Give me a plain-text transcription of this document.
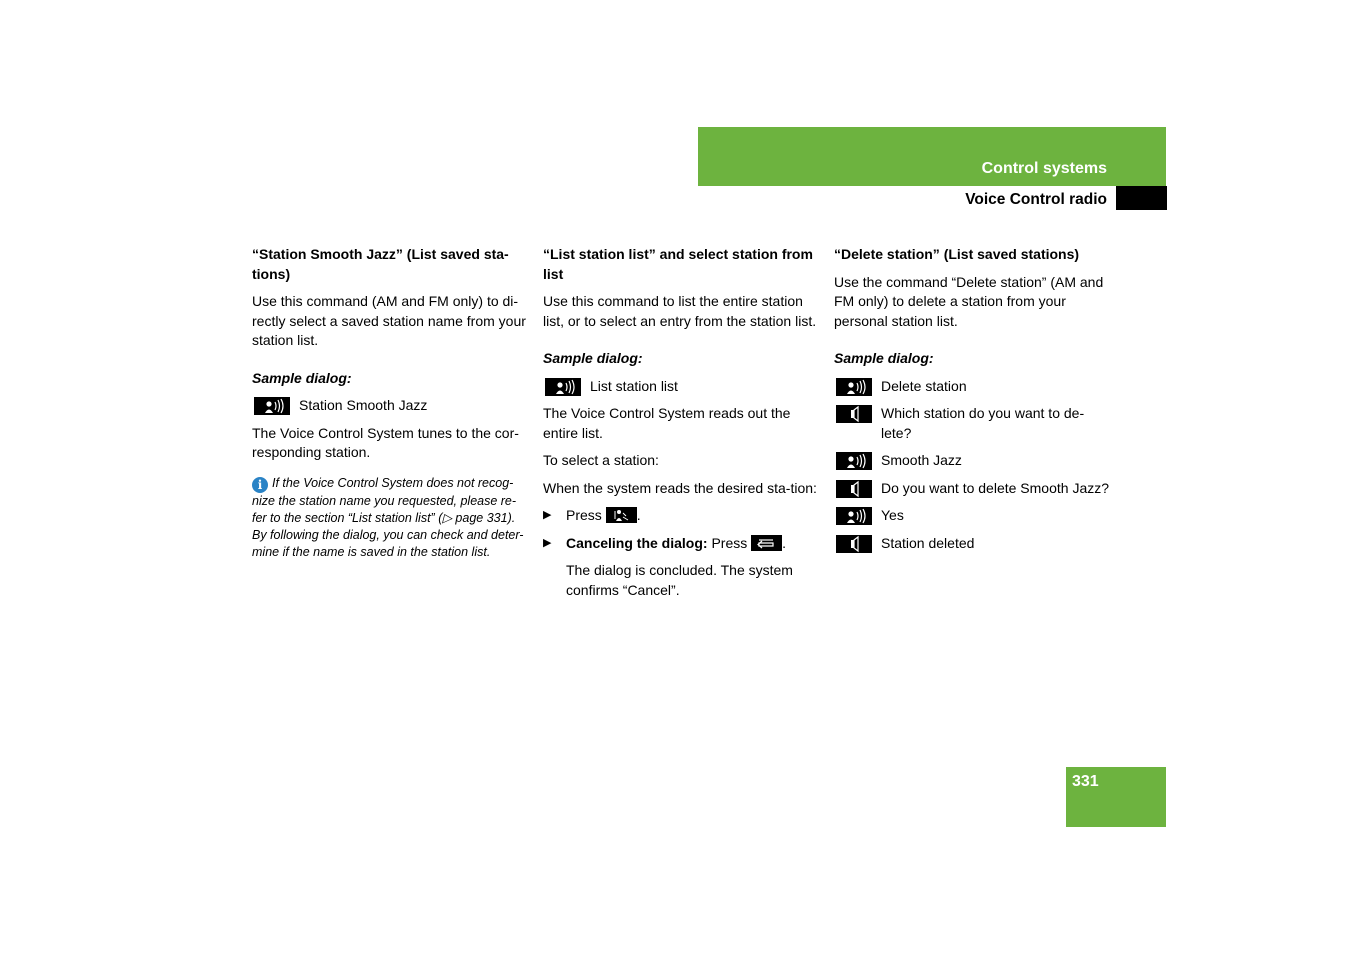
Control systems
Voice Control radio
“Station Smooth Jazz” (List saved sta-tions)
Use this command (AM and FM only) to di-rectly select a saved station name from your station list.
Sample dialog:
Station Smooth Jazz
The Voice Control System tunes to the cor-responding station.
i If the Voice Control System does not recog-nize the station name you requested, please re-fer to the section “List station list” (▷ page 331). By following the dialog, you can check and deter-mine if the name is saved in the station list.
“List station list” and select station from list
Use this command to list the entire station list, or to select an entry from the station list.
Sample dialog:
List station list
The Voice Control System reads out the entire list.
To select a station:
When the system reads the desired sta-tion:
▶	Press .
▶	Canceling the dialog: Press .
The dialog is concluded. The system confirms “Cancel”.
“Delete station” (List saved stations)
Use the command “Delete station” (AM and FM only) to delete a station from your personal station list.
Sample dialog:
Delete station
Which station do you want to de-lete?
Smooth Jazz
Do you want to delete Smooth Jazz?
Yes
Station deleted
331
